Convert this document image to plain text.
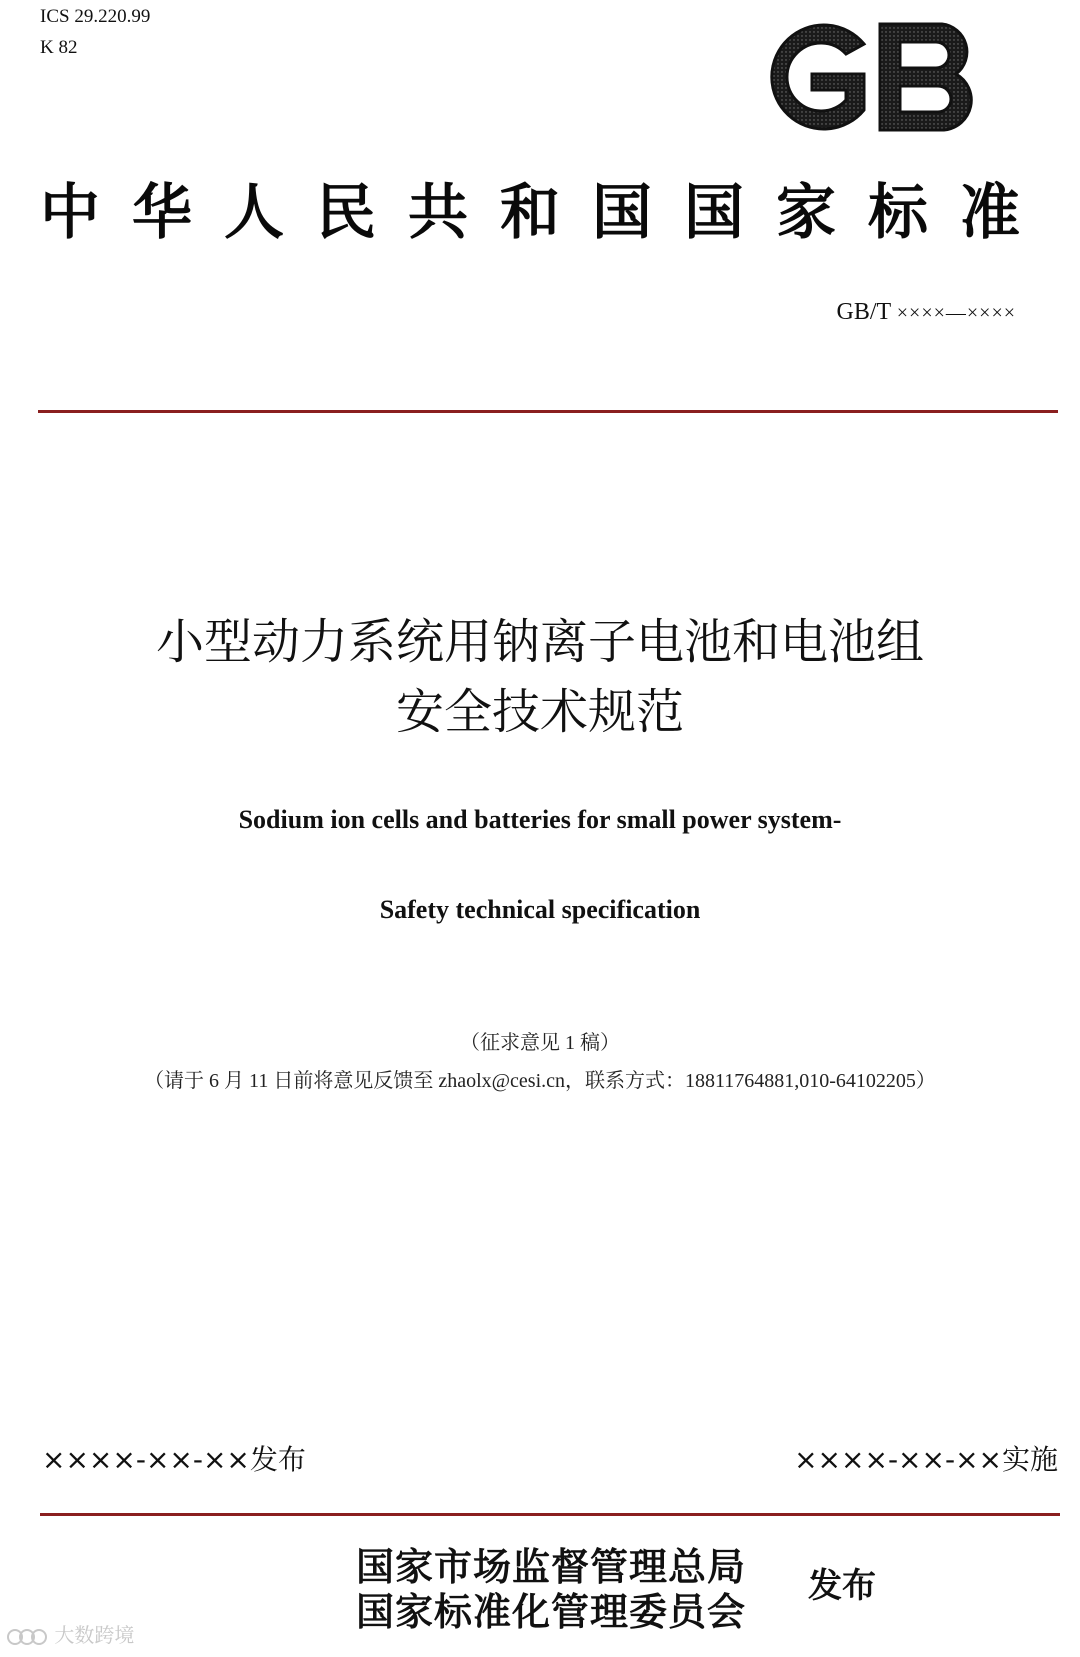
ICS 29.220.99
K 82
中华人民共和国国家标准
GB/T ××××—××××
小型动力系统用钠离子电池和电池组
安全技术规范
Sodium ion cells and batteries for small power system-
Safety technical specification
（征求意见 1 稿）
（请于 6 月 11 日前将意见反馈至 zhaolx@cesi.cn，联系方式：18811764881,010-64102205）
××××-××-××发布	××××-××-××实施
国家市场监督管理总局
国家标准化管理委员会
发布
大数跨境
